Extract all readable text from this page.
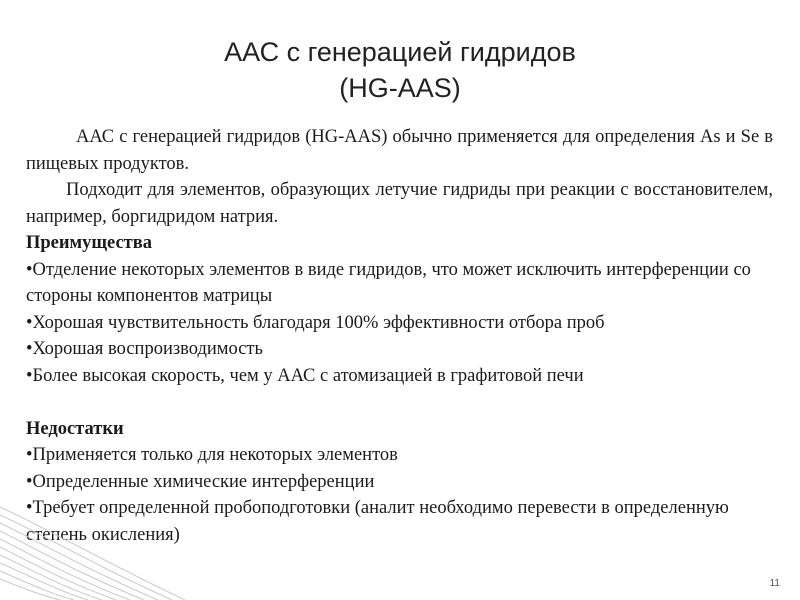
ААС с генерацией гидридов
(HG-AAS)

ААС с генерацией гидридов (HG-AAS) обычно применяется для определения As и Se в пищевых продуктов.

Подходит для элементов, образующих летучие гидриды при реакции с восстановителем, например, боргидридом натрия.

Преимущества

•Отделение некоторых элементов в виде гидридов, что может исключить интерференции со стороны компонентов матрицы

•Хорошая чувствительность благодаря 100% эффективности отбора проб

•Хорошая воспроизводимость

•Более высокая скорость, чем у ААС с атомизацией в графитовой печи

Недостатки

•Применяется только для некоторых элементов

•Определенные химические интерференции

•Требует определенной пробоподготовки (аналит необходимо перевести в определенную степень окисления)

11
